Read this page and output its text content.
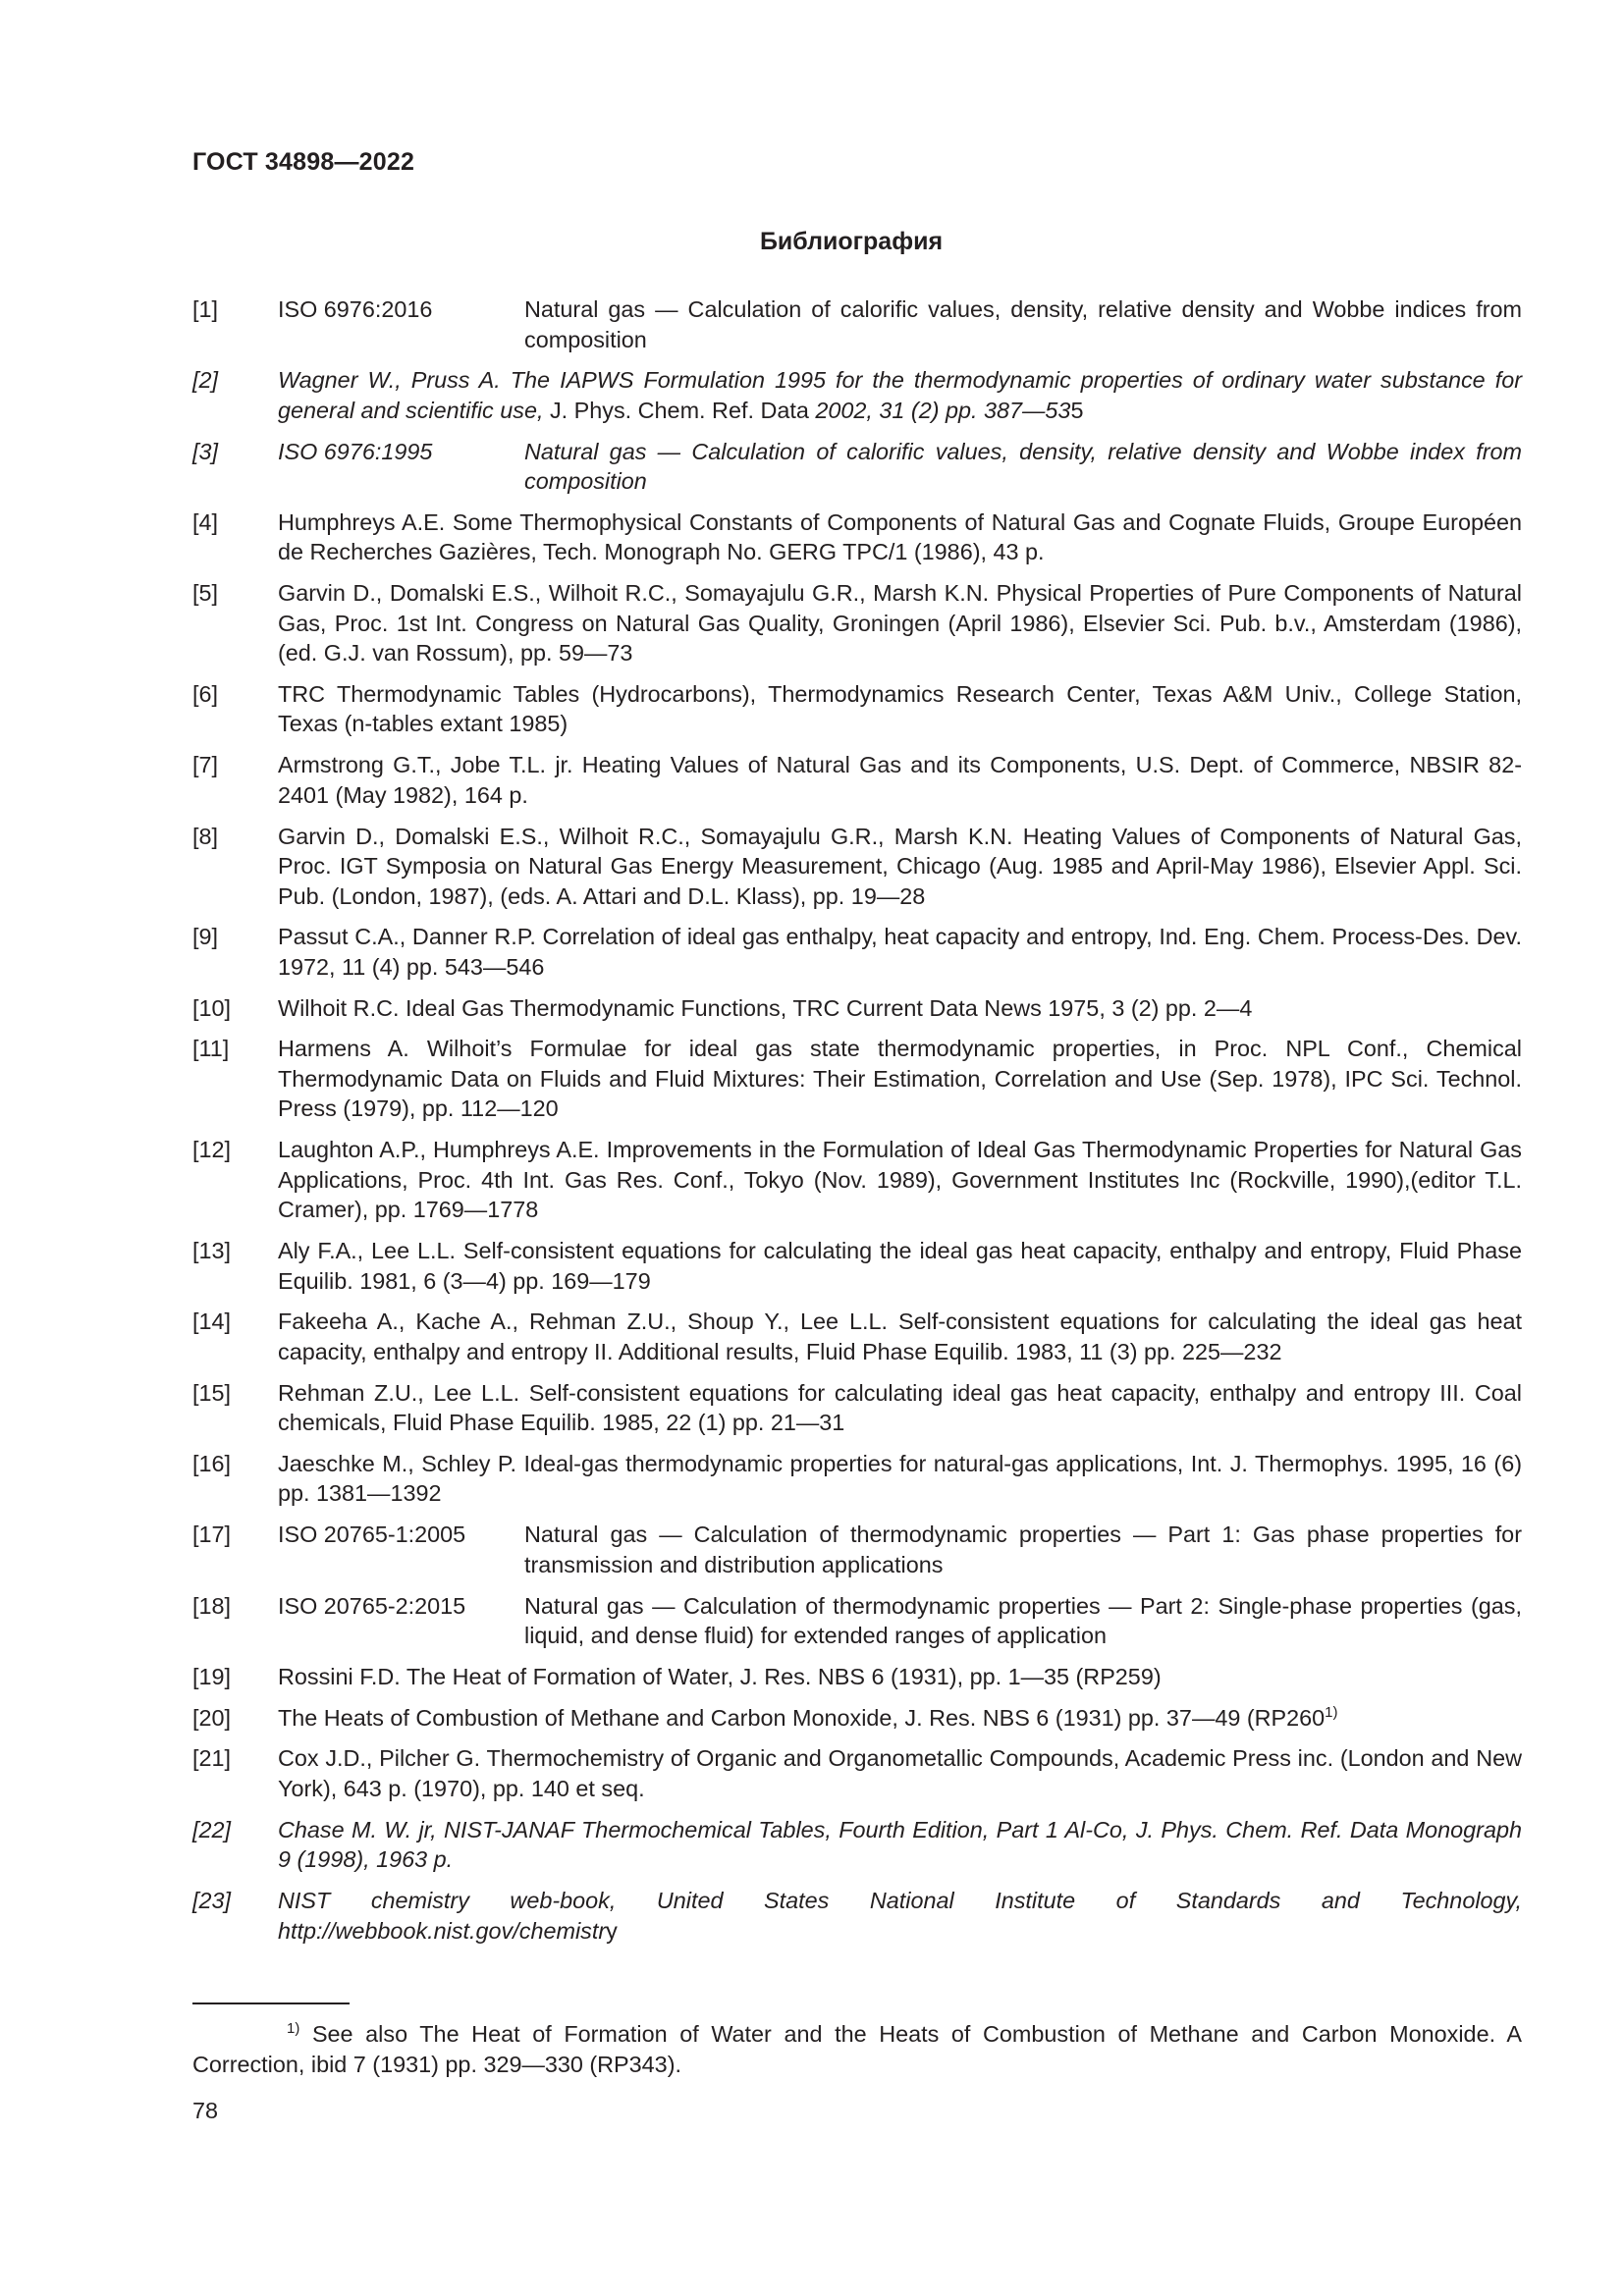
ГОСТ 34898—2022
Библиография
[1]	ISO 6976:2016	Natural gas — Calculation of calorific values, density, relative density and Wobbe indices from composition
[2]	Wagner W., Pruss A. The IAPWS Formulation 1995 for the thermodynamic properties of ordinary water substance for general and scientific use, J. Phys. Chem. Ref. Data 2002, 31 (2) pp. 387—535
[3]	ISO 6976:1995	Natural gas — Calculation of calorific values, density, relative density and Wobbe index from composition
[4]	Humphreys A.E. Some Thermophysical Constants of Components of Natural Gas and Cognate Fluids, Groupe Européen de Recherches Gazières, Tech. Monograph No. GERG TPC/1 (1986), 43 p.
[5]	Garvin D., Domalski E.S., Wilhoit R.C., Somayajulu G.R., Marsh K.N. Physical Properties of Pure Components of Natural Gas, Proc. 1st Int. Congress on Natural Gas Quality, Groningen (April 1986), Elsevier Sci. Pub. b.v., Amsterdam (1986), (ed. G.J. van Rossum), pp. 59—73
[6]	TRC Thermodynamic Tables (Hydrocarbons), Thermodynamics Research Center, Texas A&M Univ., College Station, Texas (n-tables extant 1985)
[7]	Armstrong G.T., Jobe T.L. jr. Heating Values of Natural Gas and its Components, U.S. Dept. of Commerce, NBSIR 82-2401 (May 1982), 164 p.
[8]	Garvin D., Domalski E.S., Wilhoit R.C., Somayajulu G.R., Marsh K.N. Heating Values of Components of Natural Gas, Proc. IGT Symposia on Natural Gas Energy Measurement, Chicago (Aug. 1985 and April-May 1986), Elsevier Appl. Sci. Pub. (London, 1987), (eds. A. Attari and D.L. Klass), pp. 19—28
[9]	Passut C.A., Danner R.P. Correlation of ideal gas enthalpy, heat capacity and entropy, Ind. Eng. Chem. Process-Des. Dev. 1972, 11 (4) pp. 543—546
[10]	Wilhoit R.C. Ideal Gas Thermodynamic Functions, TRC Current Data News 1975, 3 (2) pp. 2—4
[11]	Harmens A. Wilhoit’s Formulae for ideal gas state thermodynamic properties, in Proc. NPL Conf., Chemical Thermodynamic Data on Fluids and Fluid Mixtures: Their Estimation, Correlation and Use (Sep. 1978), IPC Sci. Technol. Press (1979), pp. 112—120
[12]	Laughton A.P., Humphreys A.E. Improvements in the Formulation of Ideal Gas Thermodynamic Properties for Natural Gas Applications, Proc. 4th Int. Gas Res. Conf., Tokyo (Nov. 1989), Government Institutes Inc (Rockville, 1990),(editor T.L. Cramer), pp. 1769—1778
[13]	Aly F.A., Lee L.L. Self-consistent equations for calculating the ideal gas heat capacity, enthalpy and entropy, Fluid Phase Equilib. 1981, 6 (3—4) pp. 169—179
[14]	Fakeeha A., Kache A., Rehman Z.U., Shoup Y., Lee L.L. Self-consistent equations for calculating the ideal gas heat capacity, enthalpy and entropy II. Additional results, Fluid Phase Equilib. 1983, 11 (3) pp. 225—232
[15]	Rehman Z.U., Lee L.L. Self-consistent equations for calculating ideal gas heat capacity, enthalpy and entropy III. Coal chemicals, Fluid Phase Equilib. 1985, 22 (1) pp. 21—31
[16]	Jaeschke M., Schley P. Ideal-gas thermodynamic properties for natural-gas applications, Int. J. Thermophys. 1995, 16 (6) pp. 1381—1392
[17]	ISO 20765-1:2005	Natural gas — Calculation of thermodynamic properties — Part 1: Gas phase properties for transmission and distribution applications
[18]	ISO 20765-2:2015	Natural gas — Calculation of thermodynamic properties — Part 2: Single-phase properties (gas, liquid, and dense fluid) for extended ranges of application
[19]	Rossini F.D. The Heat of Formation of Water, J. Res. NBS 6 (1931), pp. 1—35 (RP259)
[20]	The Heats of Combustion of Methane and Carbon Monoxide, J. Res. NBS 6 (1931) pp. 37—49 (RP260$^{1)}$
[21]	Cox J.D., Pilcher G. Thermochemistry of Organic and Organometallic Compounds, Academic Press inc. (London and New York), 643 p. (1970), pp. 140 et seq.
[22]	Chase M. W. jr, NIST-JANAF Thermochemical Tables, Fourth Edition, Part 1 Al-Co, J. Phys. Chem. Ref. Data Monograph 9 (1998), 1963 p.
[23]	NIST chemistry web-book, United States National Institute of Standards and Technology, http://webbook.nist.gov/chemistry
$^{1)}$ See also The Heat of Formation of Water and the Heats of Combustion of Methane and Carbon Monoxide. A Correction, ibid 7 (1931) pp. 329—330 (RP343).
78
